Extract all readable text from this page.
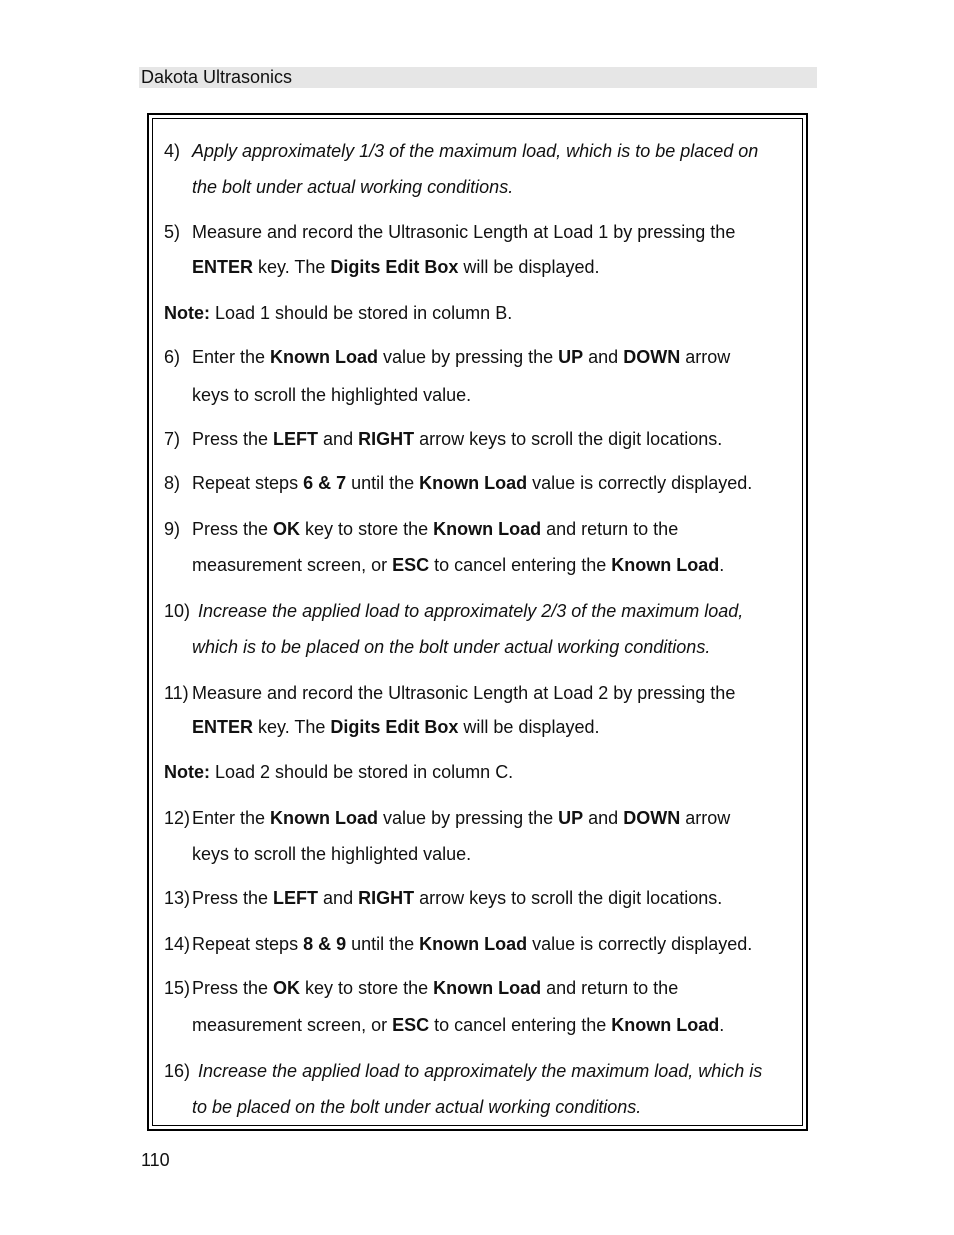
Dakota Ultrasonics
4) Apply approximately 1/3 of the maximum load, which is to be placed on
the bolt under actual working conditions.
5) Measure and record the Ultrasonic Length at Load 1 by pressing the
ENTER key. The Digits Edit Box will be displayed.
Note: Load 1 should be stored in column B.
6) Enter the Known Load value by pressing the UP and DOWN arrow
keys to scroll the highlighted value.
7) Press the LEFT and RIGHT arrow keys to scroll the digit locations.
8) Repeat steps 6 & 7 until the Known Load value is correctly displayed.
9) Press the OK key to store the Known Load and return to the
measurement screen, or ESC to cancel entering the Known Load.
10) Increase the applied load to approximately 2/3 of the maximum load,
which is to be placed on the bolt under actual working conditions.
11) Measure and record the Ultrasonic Length at Load 2 by pressing the
ENTER key. The Digits Edit Box will be displayed.
Note: Load 2 should be stored in column C.
12) Enter the Known Load value by pressing the UP and DOWN arrow
keys to scroll the highlighted value.
13) Press the LEFT and RIGHT arrow keys to scroll the digit locations.
14) Repeat steps 8 & 9 until the Known Load value is correctly displayed.
15) Press the OK key to store the Known Load and return to the
measurement screen, or ESC to cancel entering the Known Load.
16) Increase the applied load to approximately the maximum load, which is
to be placed on the bolt under actual working conditions.
110
